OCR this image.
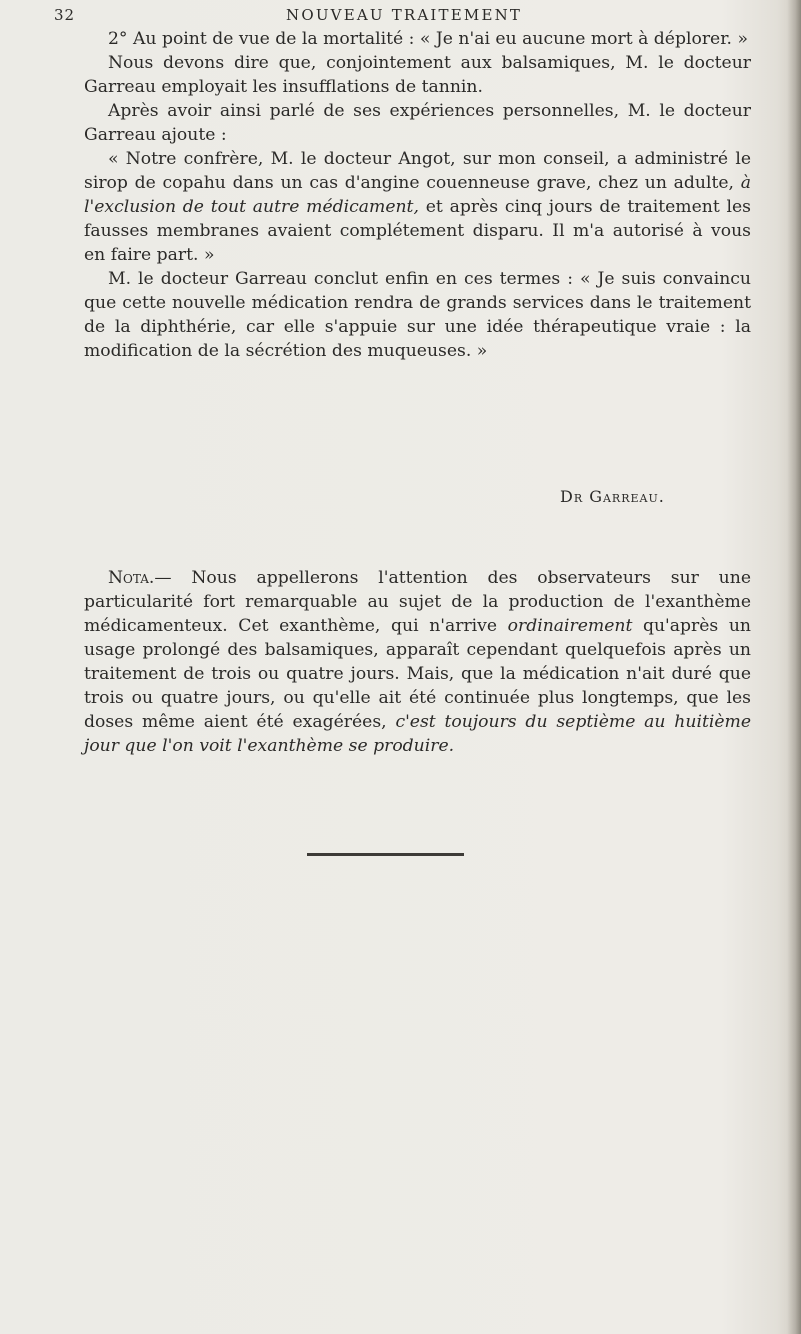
32	NOUVEAU TRAITEMENT

2° Au point de vue de la mortalité : « Je n'ai eu aucune mort à déplorer. »

Nous devons dire que, conjointement aux balsamiques, M. le docteur Garreau employait les insufflations de tannin.

Après avoir ainsi parlé de ses expériences personnelles, M. le docteur Garreau ajoute :

« Notre confrère, M. le docteur Angot, sur mon conseil, a administré le sirop de copahu dans un cas d'angine couenneuse grave, chez un adulte, à l'exclusion de tout autre médicament, et après cinq jours de traitement les fausses membranes avaient complétement disparu. Il m'a autorisé à vous en faire part. »

M. le docteur Garreau conclut enfin en ces termes : « Je suis convaincu que cette nouvelle médication rendra de grands services dans le traitement de la diphthérie, car elle s'appuie sur une idée thérapeutique vraie : la modification de la sécrétion des muqueuses. »

Dr Garreau.

Nota.— Nous appellerons l'attention des observateurs sur une particularité fort remarquable au sujet de la production de l'exanthème médicamenteux. Cet exanthème, qui n'arrive ordinairement qu'après un usage prolongé des balsamiques, apparaît cependant quelquefois après un traitement de trois ou quatre jours. Mais, que la médication n'ait duré que trois ou quatre jours, ou qu'elle ait été continuée plus longtemps, que les doses même aient été exagérées, c'est toujours du septième au huitième jour que l'on voit l'exanthème se produire.
